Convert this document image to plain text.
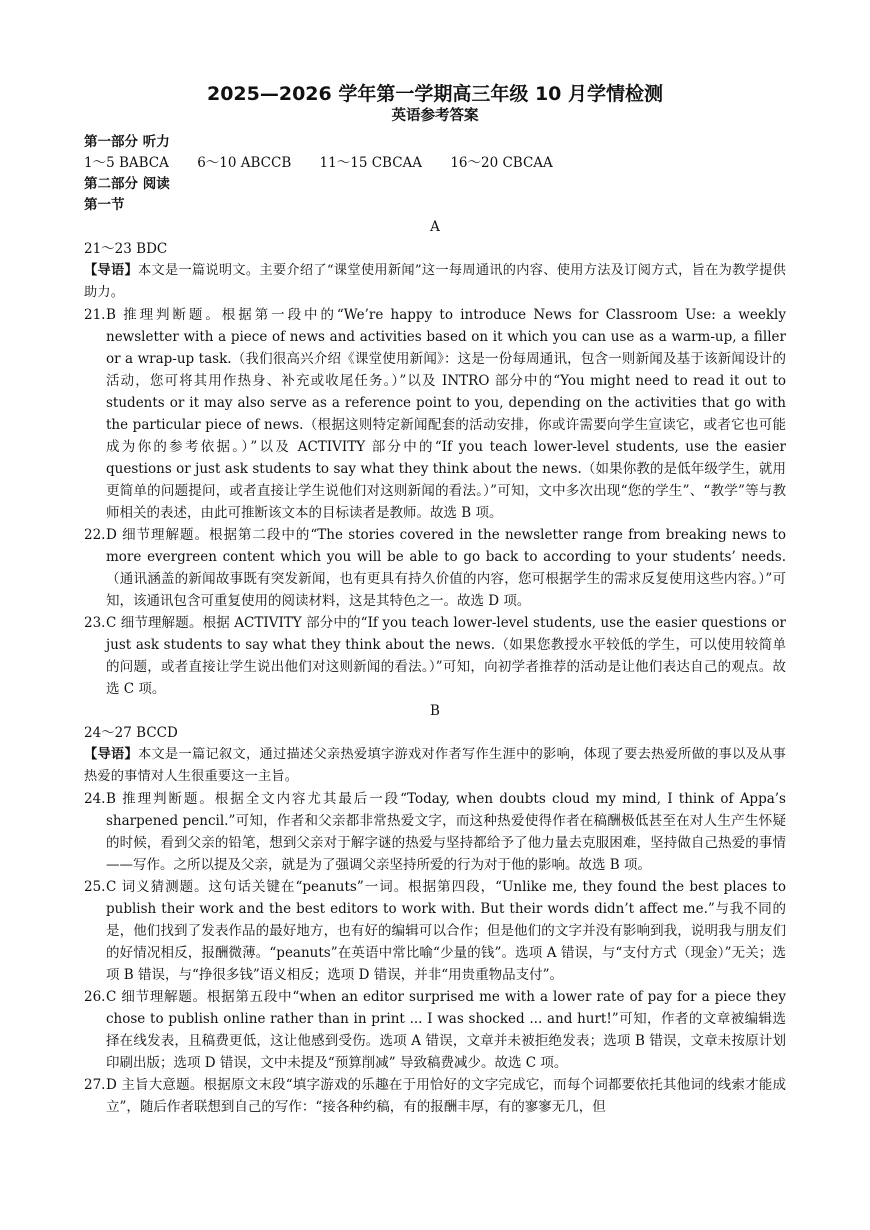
2025—2026 学年第一学期高三年级 10 月学情检测
英语参考答案
第一部分 听力
1～5 BABCA 6～10 ABCCB 11～15 CBCAA 16～20 CBCAA
第二部分 阅读
第一节
A
21～23 BDC
【导语】本文是一篇说明文。主要介绍了“课堂使用新闻”这一每周通讯的内容、使用方法及订阅方式，旨在为教学提供助力。
21. B 推理判断题。根据第一段中的“We’re happy to introduce News for Classroom Use: a weekly newsletter with a piece of news and activities based on it which you can use as a warm-up, a filler or a wrap-up task.（我们很高兴介绍《课堂使用新闻》：这是一份每周通讯，包含一则新闻及基于该新闻设计的活动，您可将其用作热身、补充或收尾任务。）”以及 INTRO 部分中的“You might need to read it out to students or it may also serve as a reference point to you, depending on the activities that go with the particular piece of news.（根据这则特定新闻配套的活动安排，你或许需要向学生宣读它，或者它也可能成为你的参考依据。）”以及 ACTIVITY 部分中的“If you teach lower-level students, use the easier questions or just ask students to say what they think about the news.（如果你教的是低年级学生，就用更简单的问题提问，或者直接让学生说他们对这则新闻的看法。）”可知，文中多次出现“您的学生”、“教学”等与教师相关的表述，由此可推断该文本的目标读者是教师。故选 B 项。
22. D 细节理解题。根据第二段中的“The stories covered in the newsletter range from breaking news to more evergreen content which you will be able to go back to according to your students’ needs.（通讯涵盖的新闻故事既有突发新闻，也有更具有持久价值的内容，您可根据学生的需求反复使用这些内容。）”可知，该通讯包含可重复使用的阅读材料，这是其特色之一。故选 D 项。
23. C 细节理解题。根据 ACTIVITY 部分中的“If you teach lower-level students, use the easier questions or just ask students to say what they think about the news.（如果您教授水平较低的学生，可以使用较简单的问题，或者直接让学生说出他们对这则新闻的看法。）”可知，向初学者推荐的活动是让他们表达自己的观点。故选 C 项。
B
24～27 BCCD
【导语】本文是一篇记叙文，通过描述父亲热爱填字游戏对作者写作生涯中的影响，体现了要去热爱所做的事以及从事热爱的事情对人生很重要这一主旨。
24. B 推理判断题。根据全文内容尤其最后一段“Today, when doubts cloud my mind, I think of Appa’s sharpened pencil.”可知，作者和父亲都非常热爱文字，而这种热爱使得作者在稿酬极低甚至在对人生产生怀疑的时候，看到父亲的铅笔，想到父亲对于解字谜的热爱与坚持都给予了他力量去克服困难，坚持做自己热爱的事情——写作。之所以提及父亲，就是为了强调父亲坚持所爱的行为对于他的影响。故选 B 项。
25. C 词义猜测题。这句话关键在“peanuts”一词。根据第四段，“Unlike me, they found the best places to publish their work and the best editors to work with. But their words didn’t affect me.”与我不同的是，他们找到了发表作品的最好地方，也有好的编辑可以合作；但是他们的文字并没有影响到我，说明我与朋友们的好情况相反，报酬微薄。“peanuts”在英语中常比喻“少量的钱”。选项 A 错误，与“支付方式（现金）”无关；选项 B 错误，与“挣很多钱”语义相反；选项 D 错误，并非“用贵重物品支付”。
26. C 细节理解题。根据第五段中“when an editor surprised me with a lower rate of pay for a piece they chose to publish online rather than in print ... I was shocked ... and hurt!”可知，作者的文章被编辑选择在线发表，且稿费更低，这让他感到受伤。选项 A 错误，文章并未被拒绝发表；选项 B 错误，文章未按原计划印刷出版；选项 D 错误，文中未提及“预算削减” 导致稿费减少。故选 C 项。
27. D 主旨大意题。根据原文末段“填字游戏的乐趣在于用恰好的文字完成它，而每个词都要依托其他词的线索才能成立”，随后作者联想到自己的写作：“接各种约稿，有的报酬丰厚，有的寥寥无几，但
